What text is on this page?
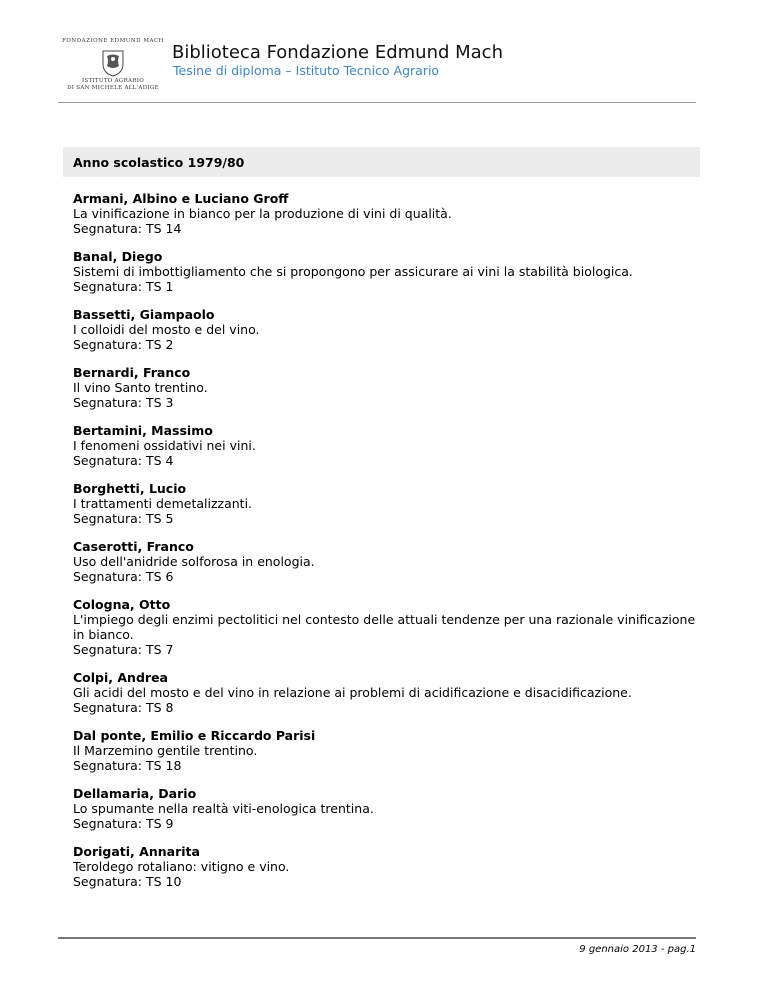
FONDAZIONE EDMUND MACH
ISTITUTO AGRARIO
DI SAN MICHELE ALL'ADIGE
Biblioteca Fondazione Edmund Mach
Tesine di diploma – Istituto Tecnico Agrario
Anno scolastico 1979/80
Armani, Albino e Luciano Groff
La vinificazione in bianco per la produzione di vini di qualità.
Segnatura: TS 14
Banal, Diego
Sistemi di imbottigliamento che si propongono per assicurare ai vini la stabilità biologica.
Segnatura: TS 1
Bassetti, Giampaolo
I colloidi del mosto e del vino.
Segnatura: TS 2
Bernardi, Franco
Il vino Santo trentino.
Segnatura: TS 3
Bertamini, Massimo
I fenomeni ossidativi nei vini.
Segnatura: TS 4
Borghetti, Lucio
I trattamenti demetalizzanti.
Segnatura: TS 5
Caserotti, Franco
Uso dell'anidride solforosa in enologia.
Segnatura: TS 6
Cologna, Otto
L'impiego degli enzimi pectolitici nel contesto delle attuali tendenze per una razionale vinificazione in bianco.
Segnatura: TS 7
Colpi, Andrea
Gli acidi del mosto e del vino in relazione ai problemi di acidificazione e disacidificazione.
Segnatura: TS 8
Dal ponte, Emilio e Riccardo Parisi
Il Marzemino gentile trentino.
Segnatura: TS 18
Dellamaria, Dario
Lo spumante nella realtà viti-enologica trentina.
Segnatura: TS 9
Dorigati, Annarita
Teroldego rotaliano: vitigno e vino.
Segnatura: TS 10
9 gennaio 2013 - pag.1
